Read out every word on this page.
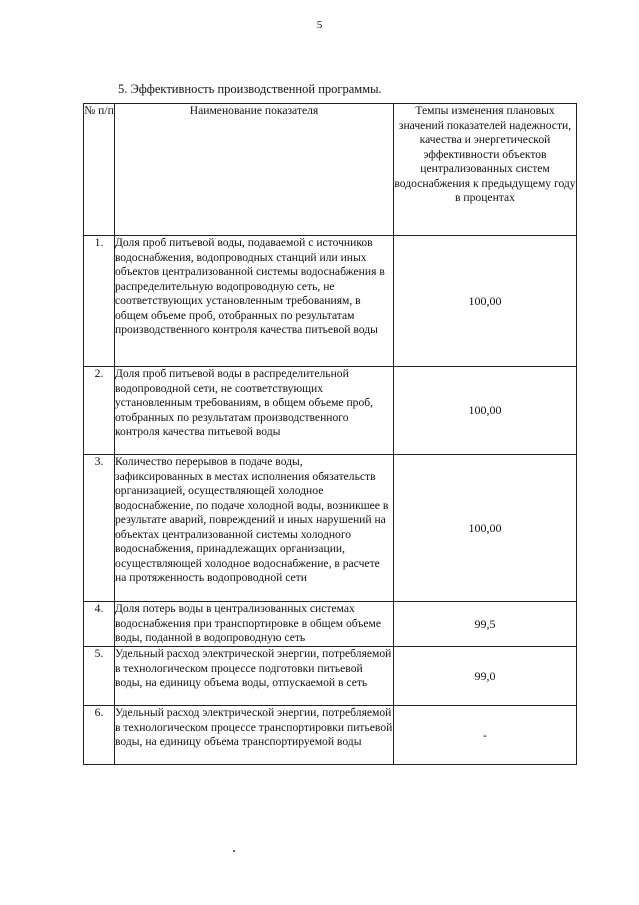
5
5. Эффективность производственной программы.
№ п/п	Наименование показателя	Темпы изменения плановых значений показателей надежности, качества и энергетической эффективности объектов централизованных систем водоснабжения к предыдущему году в процентах
1.	Доля проб питьевой воды, подаваемой с источников водоснабжения, водопроводных станций или иных объектов централизованной системы водоснабжения в распределительную водопроводную сеть, не соответствующих установленным требованиям, в общем объеме проб, отобранных по результатам производственного контроля качества питьевой воды	100,00
2.	Доля проб питьевой воды в распределительной водопроводной сети, не соответствующих установленным требованиям, в общем объеме проб, отобранных по результатам производственного контроля качества питьевой воды	100,00
3.	Количество перерывов в подаче воды, зафиксированных в местах исполнения обязательств организацией, осуществляющей холодное водоснабжение, по подаче холодной воды, возникшее в результате аварий, повреждений и иных нарушений на объектах централизованной системы холодного водоснабжения, принадлежащих организации, осуществляющей холодное водоснабжение, в расчете на протяженность водопроводной сети	100,00
4.	Доля потерь воды в централизованных системах водоснабжения при транспортировке в общем объеме воды, поданной в водопроводную сеть	99,5
5.	Удельный расход электрической энергии, потребляемой в технологическом процессе подготовки питьевой воды, на единицу объема воды, отпускаемой в сеть	99,0
6.	Удельный расход электрической энергии, потребляемой в технологическом процессе транспортировки питьевой воды, на единицу объема транспортируемой воды	-
